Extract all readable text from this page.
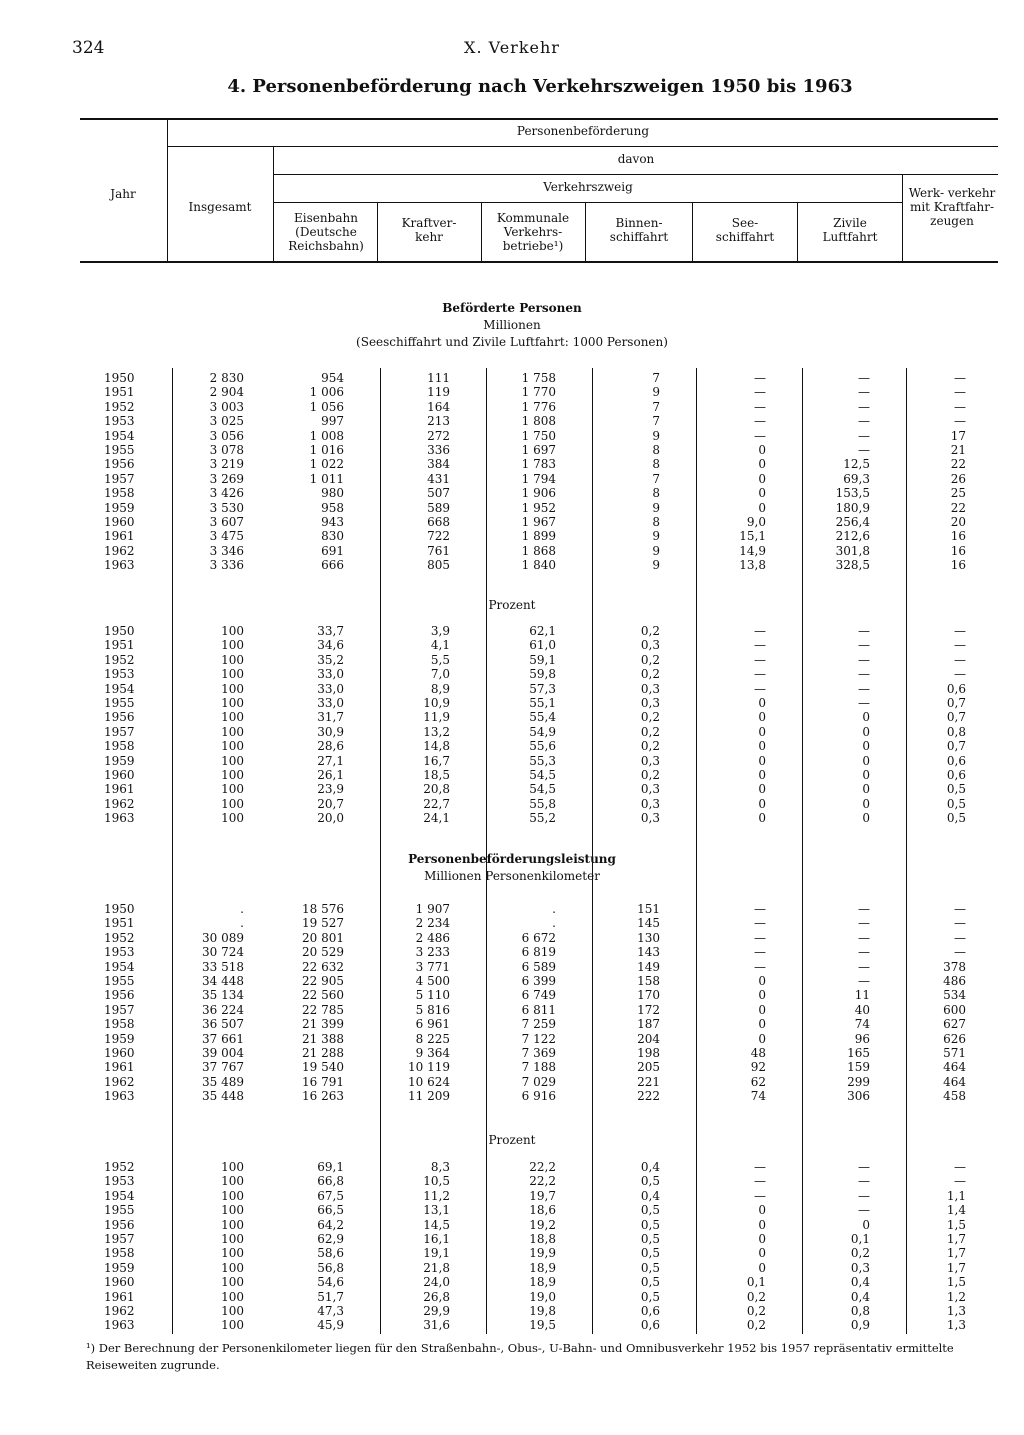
324	X. Verkehr
4. Personenbeförderung nach Verkehrszweigen 1950 bis 1963
Jahr
Insgesamt
Personenbeförderung
davon
Verkehrszweig
Eisenbahn (Deutsche Reichsbahn)
Kraftver- kehr
Kommunale Verkehrs- betriebe¹)
Binnen- schiffahrt
See- schiffahrt
Zivile Luftfahrt
Werk- verkehr mit Kraftfahr- zeugen
Beförderte Personen
Millionen
(Seeschiffahrt und Zivile Luftfahrt: 1000 Personen)
1950	2 830	954	111	1 758	7	—	—	—
1951	2 904	1 006	119	1 770	9	—	—	—
1952	3 003	1 056	164	1 776	7	—	—	—
1953	3 025	997	213	1 808	7	—	—	—
1954	3 056	1 008	272	1 750	9	—	—	17
1955	3 078	1 016	336	1 697	8	0	—	21
1956	3 219	1 022	384	1 783	8	0	12,5	22
1957	3 269	1 011	431	1 794	7	0	69,3	26
1958	3 426	980	507	1 906	8	0	153,5	25
1959	3 530	958	589	1 952	9	0	180,9	22
1960	3 607	943	668	1 967	8	9,0	256,4	20
1961	3 475	830	722	1 899	9	15,1	212,6	16
1962	3 346	691	761	1 868	9	14,9	301,8	16
1963	3 336	666	805	1 840	9	13,8	328,5	16
Prozent
1950	100	33,7	3,9	62,1	0,2	—	—	—
1951	100	34,6	4,1	61,0	0,3	—	—	—
1952	100	35,2	5,5	59,1	0,2	—	—	—
1953	100	33,0	7,0	59,8	0,2	—	—	—
1954	100	33,0	8,9	57,3	0,3	—	—	0,6
1955	100	33,0	10,9	55,1	0,3	0	—	0,7
1956	100	31,7	11,9	55,4	0,2	0	0	0,7
1957	100	30,9	13,2	54,9	0,2	0	0	0,8
1958	100	28,6	14,8	55,6	0,2	0	0	0,7
1959	100	27,1	16,7	55,3	0,3	0	0	0,6
1960	100	26,1	18,5	54,5	0,2	0	0	0,6
1961	100	23,9	20,8	54,5	0,3	0	0	0,5
1962	100	20,7	22,7	55,8	0,3	0	0	0,5
1963	100	20,0	24,1	55,2	0,3	0	0	0,5
Personenbeförderungsleistung
Millionen Personenkilometer
1950	.	18 576	1 907	.	151	—	—	—
1951	.	19 527	2 234	.	145	—	—	—
1952	30 089	20 801	2 486	6 672	130	—	—	—
1953	30 724	20 529	3 233	6 819	143	—	—	—
1954	33 518	22 632	3 771	6 589	149	—	—	378
1955	34 448	22 905	4 500	6 399	158	0	—	486
1956	35 134	22 560	5 110	6 749	170	0	11	534
1957	36 224	22 785	5 816	6 811	172	0	40	600
1958	36 507	21 399	6 961	7 259	187	0	74	627
1959	37 661	21 388	8 225	7 122	204	0	96	626
1960	39 004	21 288	9 364	7 369	198	48	165	571
1961	37 767	19 540	10 119	7 188	205	92	159	464
1962	35 489	16 791	10 624	7 029	221	62	299	464
1963	35 448	16 263	11 209	6 916	222	74	306	458
Prozent
1952	100	69,1	8,3	22,2	0,4	—	—	—
1953	100	66,8	10,5	22,2	0,5	—	—	—
1954	100	67,5	11,2	19,7	0,4	—	—	1,1
1955	100	66,5	13,1	18,6	0,5	0	—	1,4
1956	100	64,2	14,5	19,2	0,5	0	0	1,5
1957	100	62,9	16,1	18,8	0,5	0	0,1	1,7
1958	100	58,6	19,1	19,9	0,5	0	0,2	1,7
1959	100	56,8	21,8	18,9	0,5	0	0,3	1,7
1960	100	54,6	24,0	18,9	0,5	0,1	0,4	1,5
1961	100	51,7	26,8	19,0	0,5	0,2	0,4	1,2
1962	100	47,3	29,9	19,8	0,6	0,2	0,8	1,3
1963	100	45,9	31,6	19,5	0,6	0,2	0,9	1,3
¹) Der Berechnung der Personenkilometer liegen für den Straßenbahn-, Obus-, U-Bahn- und Omnibusverkehr 1952 bis 1957 repräsentativ ermittelte Reiseweiten zugrunde.
